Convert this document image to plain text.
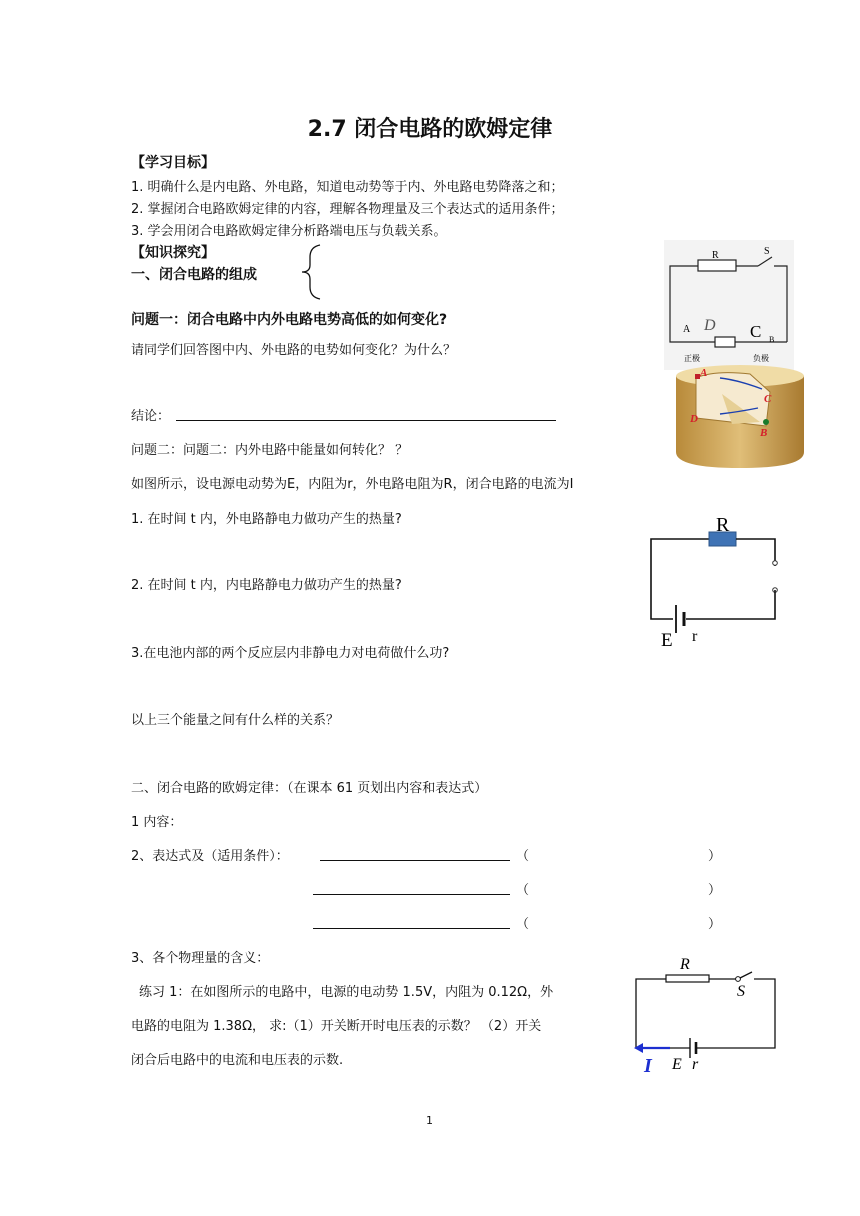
2.7 闭合电路的欧姆定律
【学习目标】
1. 明确什么是内电路、外电路，知道电动势等于内、外电路电势降落之和；
2. 掌握闭合电路欧姆定律的内容，理解各物理量及三个表达式的适用条件；
3. 学会用闭合电路欧姆定律分析路端电压与负载关系。
【知识探究】
一、闭合电路的组成
问题一：闭合电路中内外电路电势高低的如何变化?
请同学们回答图中内、外电路的电势如何变化？为什么？
结论：
问题二：问题二：内外电路中能量如何转化？ ？
如图所示，设电源电动势为E，内阻为r，外电路电阻为R，闭合电路的电流为I
1. 在时间 t 内，外电路静电力做功产生的热量?
2. 在时间 t 内，内电路静电力做功产生的热量?
3.在电池内部的两个反应层内非静电力对电荷做什么功?
以上三个能量之间有什么样的关系？
二、闭合电路的欧姆定律：（在课本 61 页划出内容和表达式）
1 内容：
2、表达式及（适用条件）：	（	）
（	）
（	）
3、各个物理量的含义：
练习 1：在如图所示的电路中，电源的电动势 1.5V，内阻为 0.12Ω，外
电路的电阻为 1.38Ω， 求:（1）开关断开时电压表的示数？ （2）开关
闭合后电路中的电流和电压表的示数.
1
R	S
A D C B
正极	负极
A
C
D
B
R
E r
R
S
I E r
